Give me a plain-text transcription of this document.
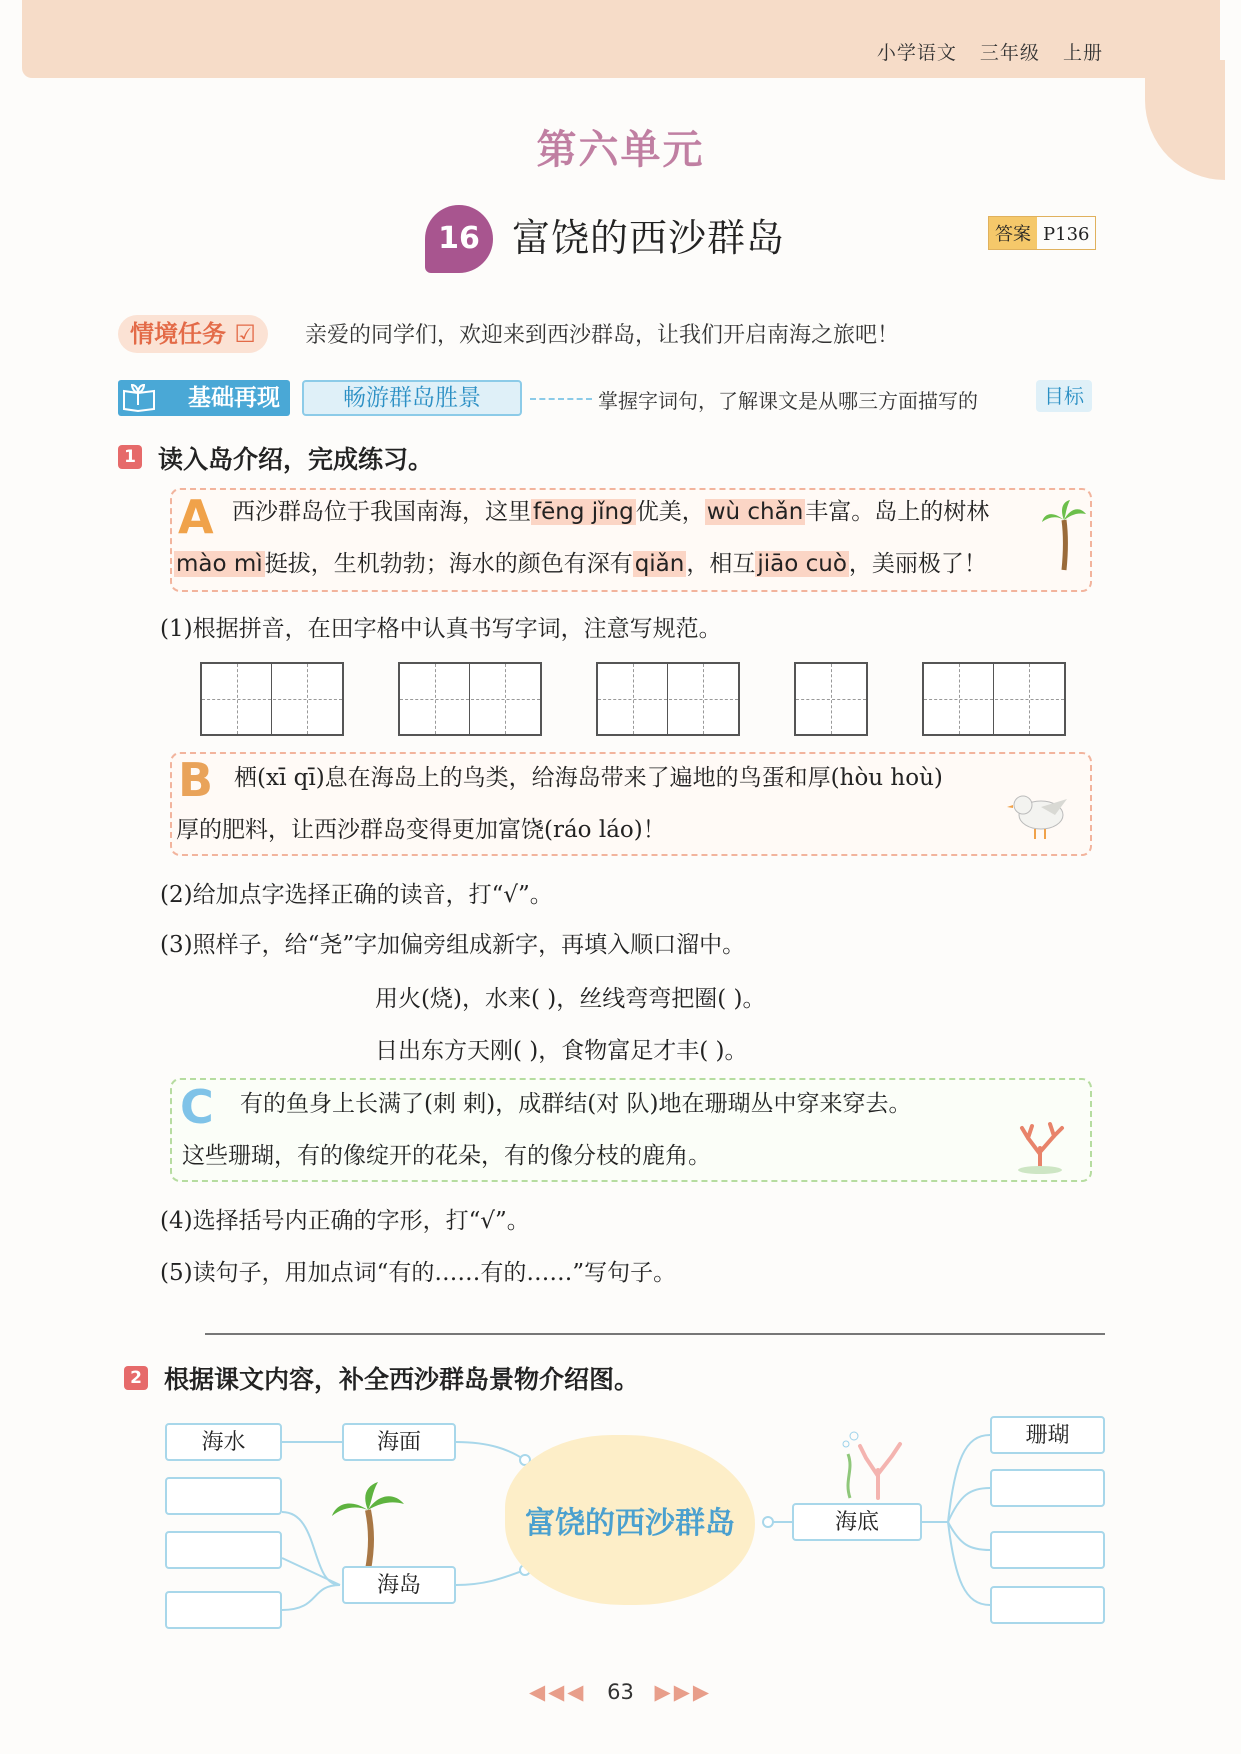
小学语文 三年级 上册
第六单元
16 富饶的西沙群岛	答案 P136
情境任务 ☑	亲爱的同学们，欢迎来到西沙群岛，让我们开启南海之旅吧！
基础再现	畅游群岛胜景	掌握字词句，了解课文是从哪三方面描写的	目标
1 读入岛介绍，完成练习。
A 西沙群岛位于我国南海，这里fēng jǐng优美，wù chǎn丰富。岛上的树林
mào mì挺拔，生机勃勃；海水的颜色有深有qiǎn，相互jiāo cuò，美丽极了！
(1)根据拼音，在田字格中认真书写字词，注意写规范。
B 栖(xī qī)息在海岛上的鸟类，给海岛带来了遍地的鸟蛋和厚(hòu hoù)
厚的肥料，让西沙群岛变得更加富饶(ráo láo)！
(2)给加点字选择正确的读音，打“√”。
(3)照样子，给“尧”字加偏旁组成新字，再填入顺口溜中。
用火(烧)，水来( )，丝线弯弯把圈( )。
日出东方天刚( )，食物富足才丰( )。
C 有的鱼身上长满了(刺 剌)，成群结(对 队)地在珊瑚丛中穿来穿去。
这些珊瑚，有的像绽开的花朵，有的像分枝的鹿角。
(4)选择括号内正确的字形，打“√”。
(5)读句子，用加点词“有的……有的……”写句子。
2 根据课文内容，补全西沙群岛景物介绍图。
富饶的西沙群岛
海水	海面
海岛
海底
珊瑚
◀◀◀ 63 ▶▶▶
